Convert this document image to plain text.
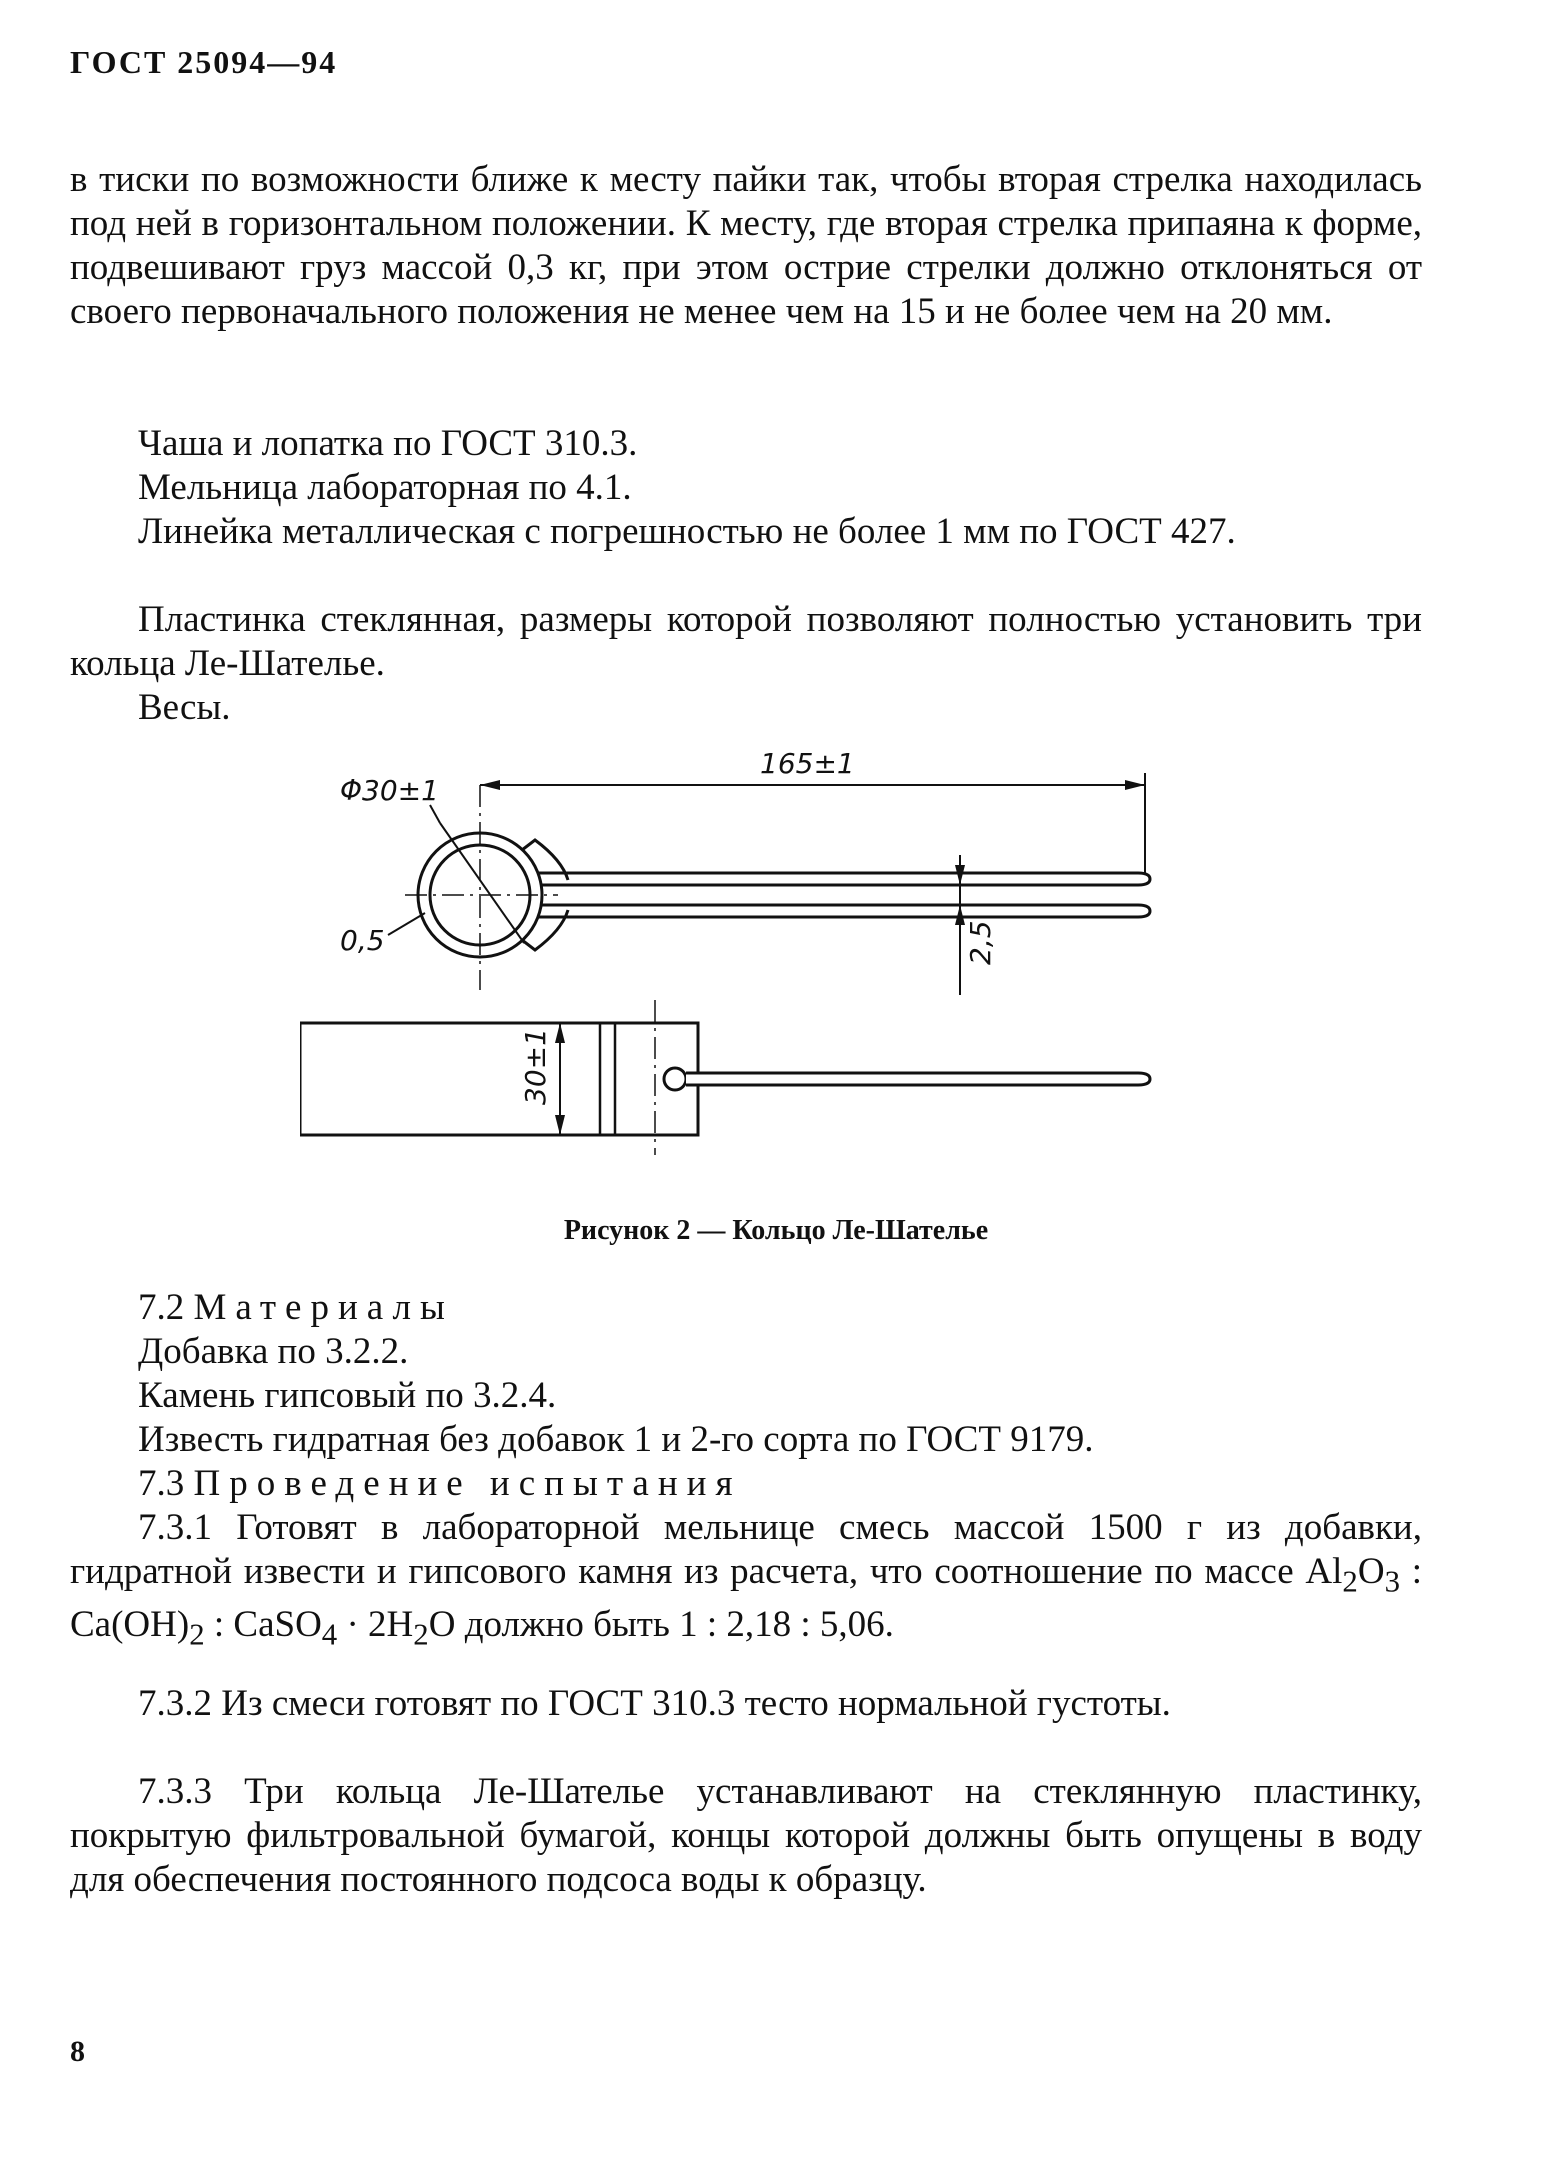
ГОСТ 25094—94
в тиски по возможности ближе к месту пайки так, чтобы вторая стрелка находилась под ней в горизонтальном положении. К месту, где вторая стрелка припаяна к форме, подвешивают груз массой 0,3 кг, при этом острие стрелки должно отклоняться от своего первоначального положения не менее чем на 15 и не более чем на 20 мм.
Чаша и лопатка по ГОСТ 310.3.
Мельница лабораторная по 4.1.
Линейка металлическая с погрешностью не более 1 мм по ГОСТ 427.
Пластинка стеклянная, размеры которой позволяют полностью установить три кольца Ле-Шателье.
Весы.
Φ30±1
165±1
0,5	2,5
30±1
Рисунок 2 — Кольцо Ле-Шателье
7.2 Материалы
Добавка по 3.2.2.
Камень гипсовый по 3.2.4.
Известь гидратная без добавок 1 и 2-го сорта по ГОСТ 9179.
7.3 Проведение испытания
7.3.1 Готовят в лабораторной мельнице смесь массой 1500 г из добавки, гидратной извести и гипсового камня из расчета, что соотношение по массе $Al_2O_3$ : $Ca(OH)_2$ : CaSO$_4$ · $2H_2O$ должно быть 1 : 2,18 : 5,06.
7.3.2 Из смеси готовят по ГОСТ 310.3 тесто нормальной густоты.
7.3.3 Три кольца Ле-Шателье устанавливают на стеклянную пластинку, покрытую фильтровальной бумагой, концы которой должны быть опущены в воду для обеспечения постоянного подсоса воды к образцу.
8
